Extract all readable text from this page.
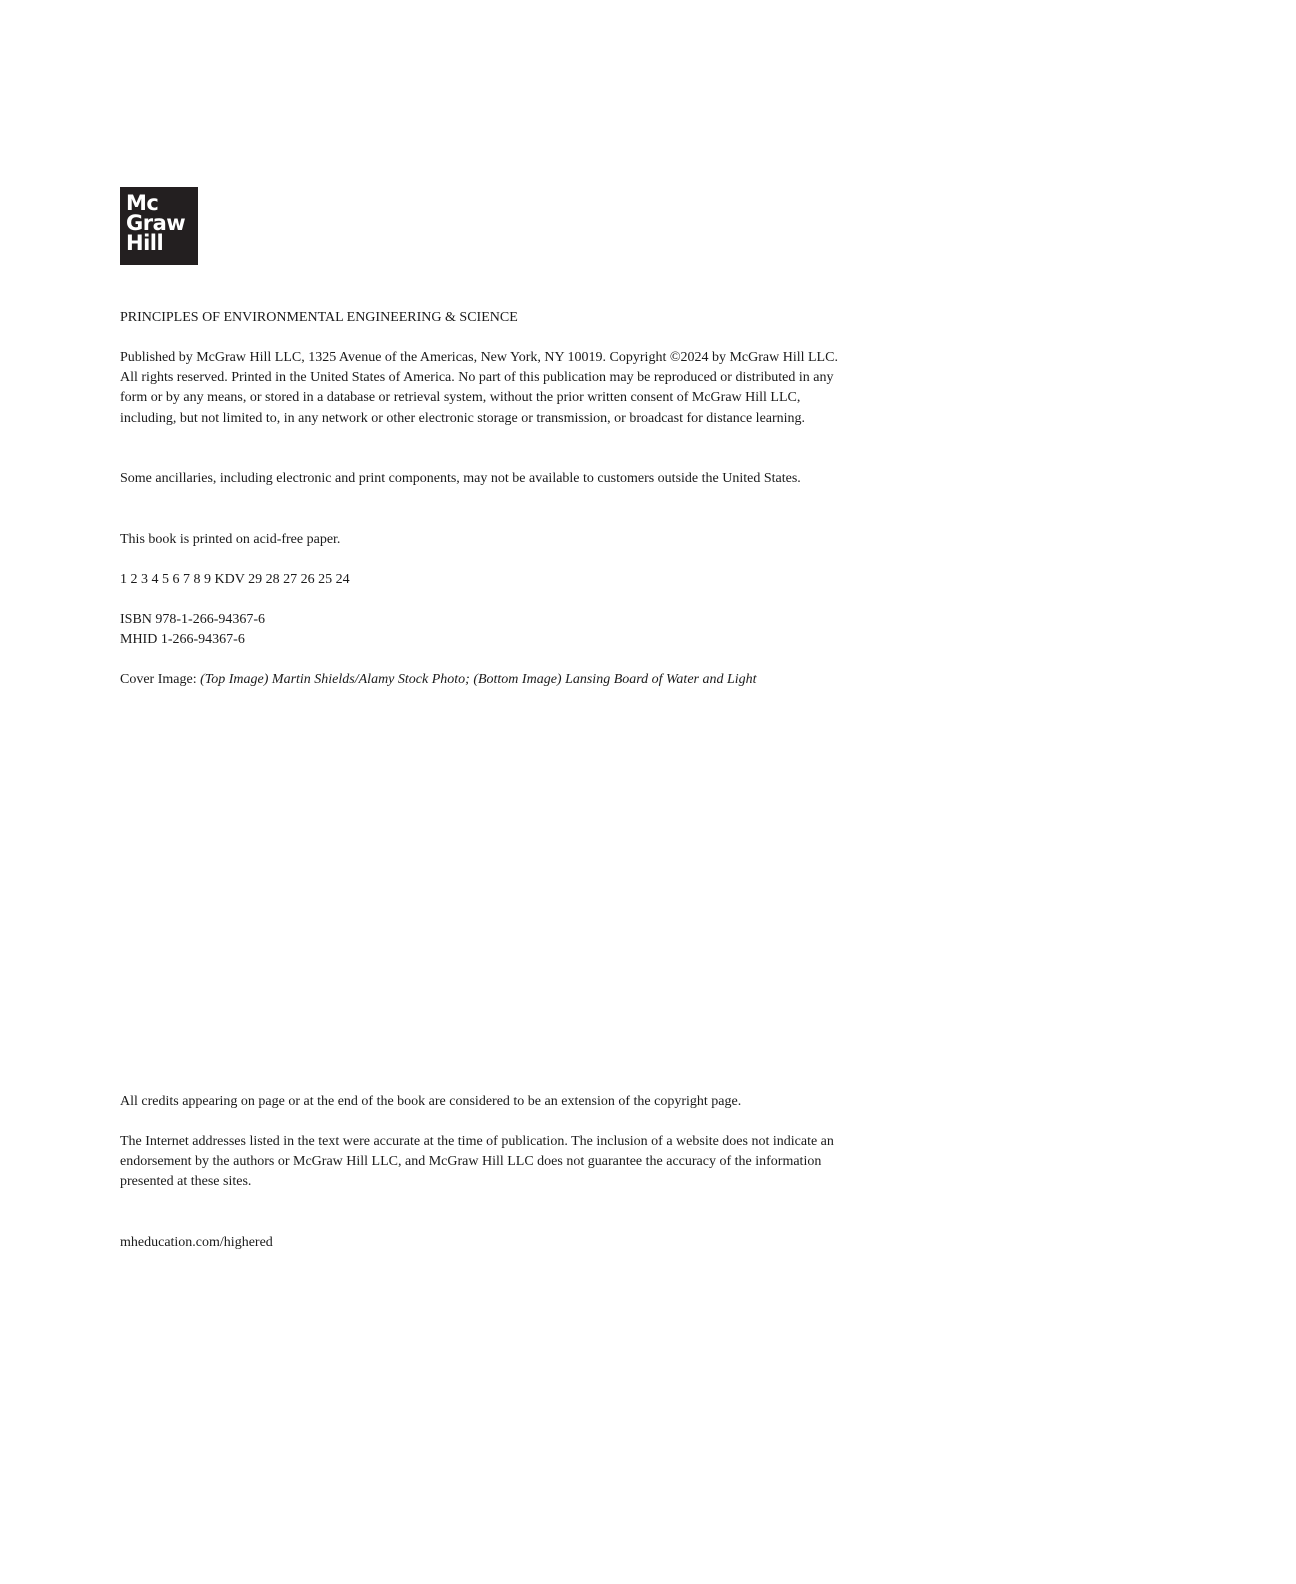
Mc
Graw
Hill

PRINCIPLES OF ENVIRONMENTAL ENGINEERING & SCIENCE

Published by McGraw Hill LLC, 1325 Avenue of the Americas, New York, NY 10019. Copyright ©2024 by McGraw Hill LLC. All rights reserved. Printed in the United States of America. No part of this publication may be reproduced or distributed in any form or by any means, or stored in a database or retrieval system, without the prior written consent of McGraw Hill LLC, including, but not limited to, in any network or other electronic storage or transmission, or broadcast for distance learning.

Some ancillaries, including electronic and print components, may not be available to customers outside the United States.

This book is printed on acid-free paper.

1 2 3 4 5 6 7 8 9 KDV 29 28 27 26 25 24

ISBN 978-1-266-94367-6

MHID 1-266-94367-6

Cover Image: (Top Image) Martin Shields/Alamy Stock Photo; (Bottom Image) Lansing Board of Water and Light

All credits appearing on page or at the end of the book are considered to be an extension of the copyright page.

The Internet addresses listed in the text were accurate at the time of publication. The inclusion of a website does not indicate an endorsement by the authors or McGraw Hill LLC, and McGraw Hill LLC does not guarantee the accuracy of the information presented at these sites.

mheducation.com/highered
